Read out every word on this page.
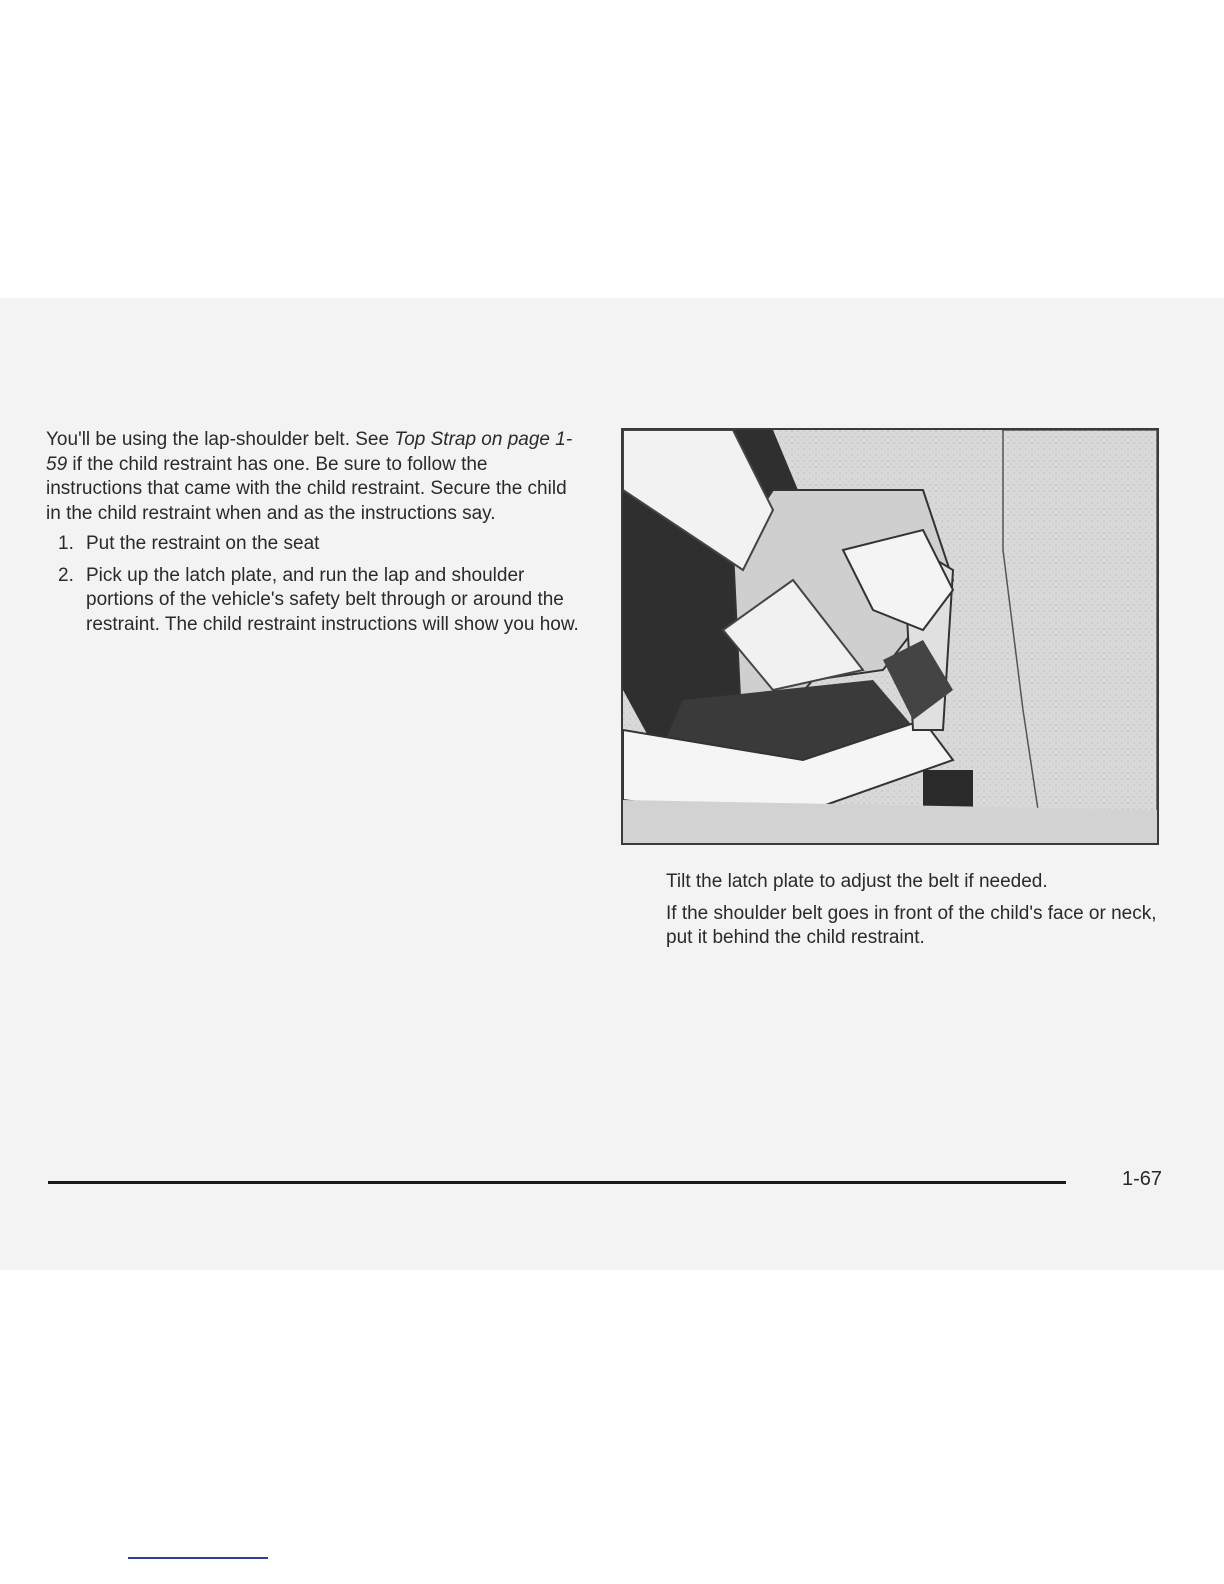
You'll be using the lap-shoulder belt. See Top Strap on page 1-59 if the child restraint has one. Be sure to follow the instructions that came with the child restraint. Secure the child in the child restraint when and as the instructions say.

1. Put the restraint on the seat
2. Pick up the latch plate, and run the lap and shoulder portions of the vehicle's safety belt through or around the restraint. The child restraint instructions will show you how.

Tilt the latch plate to adjust the belt if needed.

If the shoulder belt goes in front of the child's face or neck, put it behind the child restraint.

1-67
